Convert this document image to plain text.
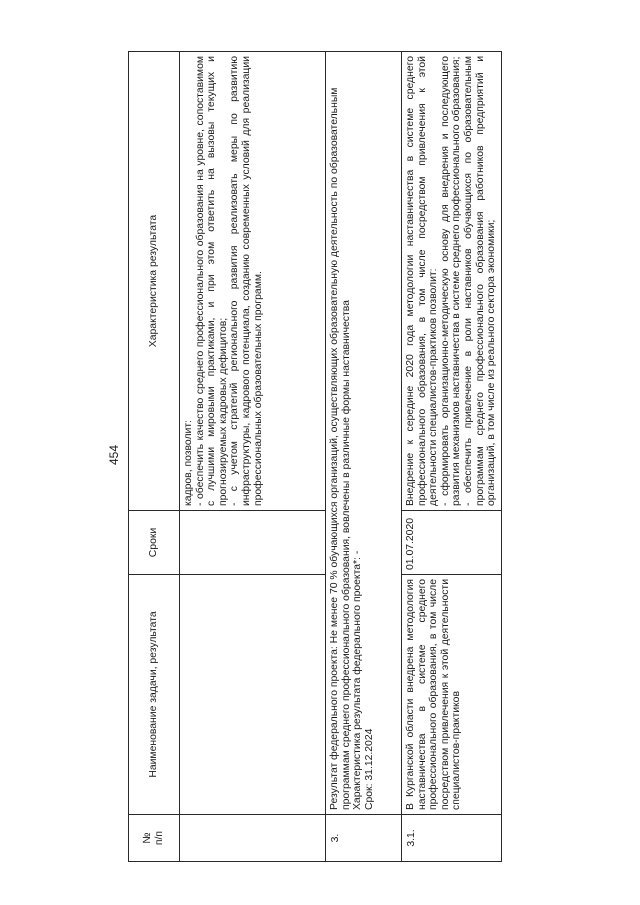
454
№
п/п	Наименование задачи, результата	Сроки	Характеристика результата

			кадров, позволит: - обеспечить качество среднего профессионального образования на уровне, сопоставимом с лучшими мировыми практиками, и при этом ответить на вызовы текущих и прогнозируемых кадровых дефицитов; - с учетом стратегий регионального развития реализовать меры по развитию инфраструктуры, кадрового потенциала, созданию современных условий для реализации профессиональных образовательных программ.

3.	Результат федерального проекта: Не менее 70 % обучающихся организаций, осуществляющих образовательную деятельность по образовательным программам среднего профессионального образования, вовлечены в различные формы наставничества Характеристика результата федерального проекта*: - Срок: 31.12.2024		

3.1.	В Курганской области внедрена методология наставничества в системе среднего профессионального образования, в том числе посредством привлечения к этой деятельности специалистов-практиков	01.07.2020	Внедрение к середине 2020 года методологии наставничества в системе среднего профессионального образования, в том числе посредством привлечения к этой деятельности специалистов-практиков позволит: - сформировать организационно-методическую основу для внедрения и последующего развития механизмов наставничества в системе среднего профессионального образования; - обеспечить привлечение в роли наставников обучающихся по образовательным программам среднего профессионального образования работников предприятий и организаций, в том числе из реального сектора экономики;
